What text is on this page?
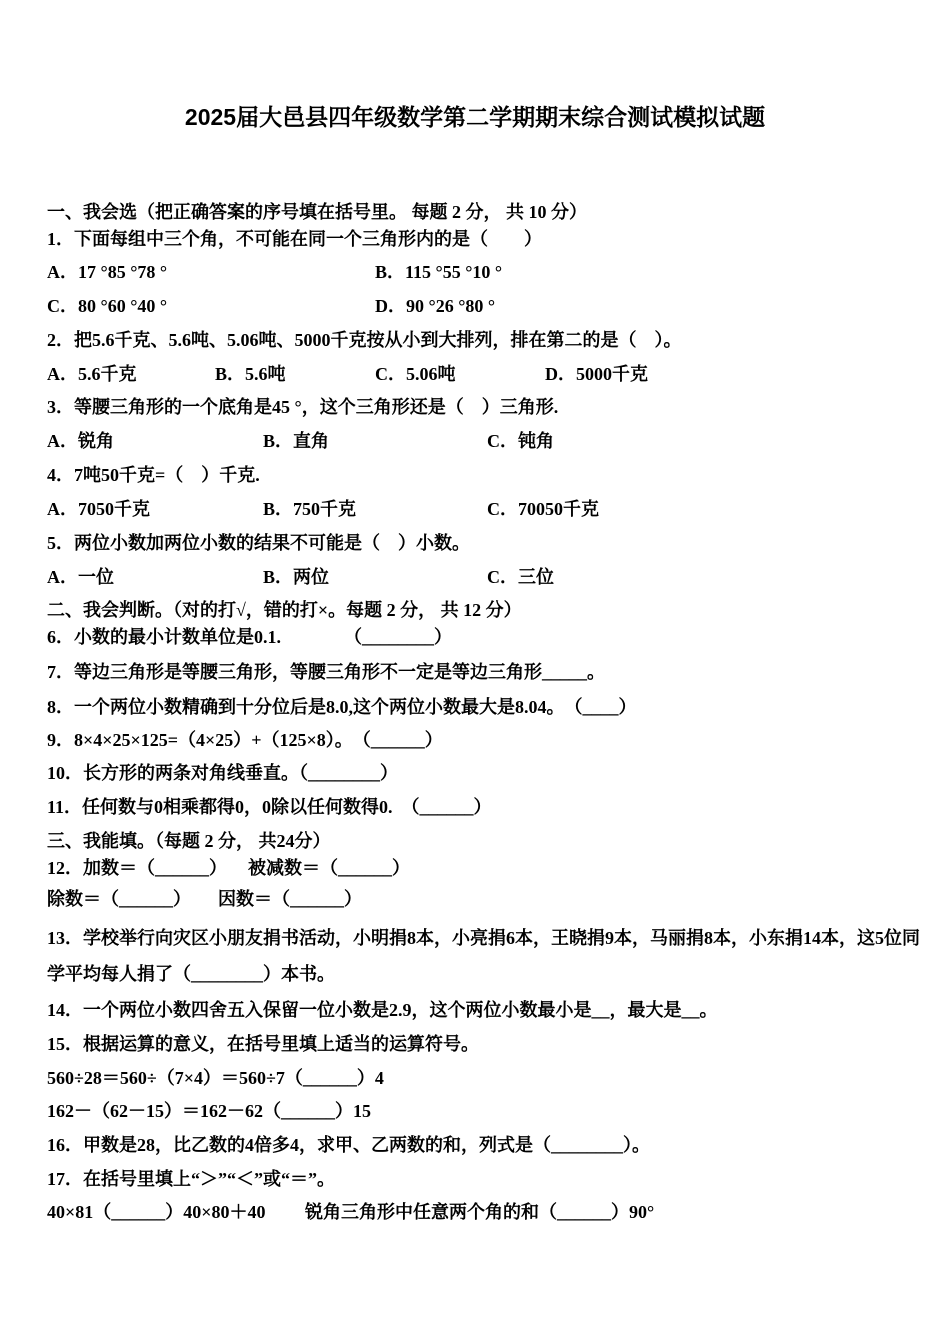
2025届大邑县四年级数学第二学期期末综合测试模拟试题
一、我会选（把正确答案的序号填在括号里。 每题 2 分， 共 10 分）
1．下面每组中三个角，不可能在同一个三角形内的是（　　）

A．17 °85 °78 °

	B．115 °55 °10 °

C．80 °60 °40 °

	D．90 °26 °80 °

2．把5.6千克、5.6吨、5.06吨、5000千克按从小到大排列，排在第二的是（　）。

A．5.6千克

	B．5.6吨

	C．5.06吨

	D．5000千克

3．等腰三角形的一个底角是45 °，这个三角形还是（　）三角形.

A．锐角

	B．直角

	C．钝角

4．7吨50千克=（　）千克.

A．7050千克

	B．750千克

	C．70050千克

5．两位小数加两位小数的结果不可能是（　）小数。

A．一位

	B．两位

	C．三位

二、我会判断。（对的打√，错的打×。每题 2 分， 共 12 分）
6．小数的最小计数单位是0.1.　　　　（________）
7．等边三角形是等腰三角形，等腰三角形不一定是等边三角形_____。
8．一个两位小数精确到十分位后是8.0,这个两位小数最大是8.04。　（____）
9．8×4×25×125=（4×25）+（125×8）。　（______）
10．长方形的两条对角线垂直。（________）
11．任何数与0相乘都得0，0除以任何数得0.　（______）
三、我能填。（每题 2 分， 共24分）

12．加数＝（______）

被减数＝（______）

除数＝（______）

因数＝（______）

13．学校举行向灾区小朋友捐书活动，小明捐8本，小亮捐6本，王晓捐9本，马丽捐8本，小东捐14本，这5位同
学平均每人捐了（________）本书。
14．一个两位小数四舍五入保留一位小数是2.9，这个两位小数最小是__，最大是__。
15．根据运算的意义，在括号里填上适当的运算符号。
560÷28＝560÷（7×4）＝560÷7（______）4
162－（62－15）＝162－62（______）15
16．甲数是28，比乙数的4倍多4，求甲、乙两数的和，列式是（________）。
17．在括号里填上“＞”“＜”或“＝”。

40×81（______）40×80＋40

锐角三角形中任意两个角的和（______）90°
